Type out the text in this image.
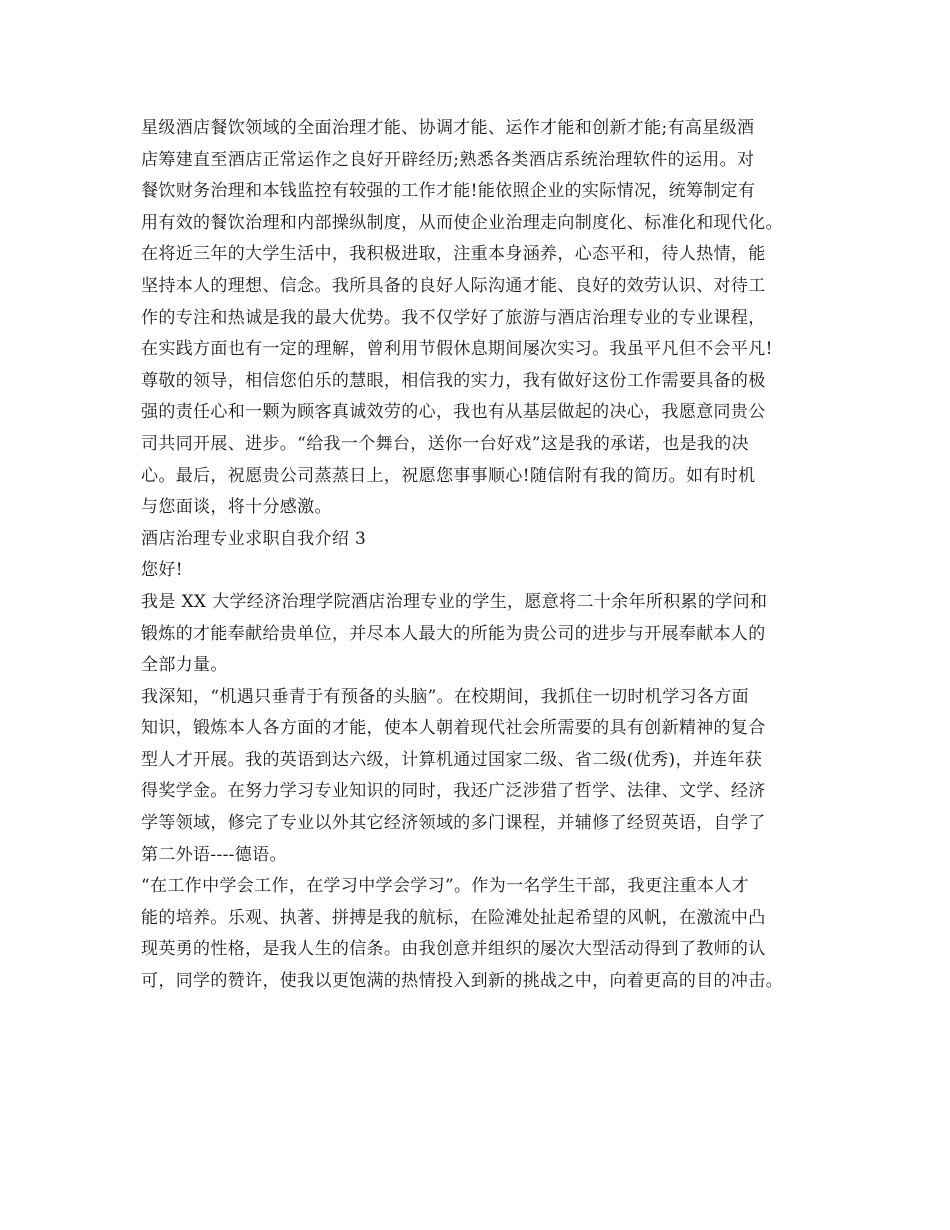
星级酒店餐饮领域的全面治理才能、协调才能、运作才能和创新才能;有高星级酒
店筹建直至酒店正常运作之良好开辟经历;熟悉各类酒店系统治理软件的运用。对
餐饮财务治理和本钱监控有较强的工作才能!能依照企业的实际情况，统筹制定有
用有效的餐饮治理和内部操纵制度，从而使企业治理走向制度化、标准化和现代化。
在将近三年的大学生活中，我积极进取，注重本身涵养，心态平和，待人热情，能
坚持本人的理想、信念。我所具备的良好人际沟通才能、良好的效劳认识、对待工
作的专注和热诚是我的最大优势。我不仅学好了旅游与酒店治理专业的专业课程，
在实践方面也有一定的理解，曾利用节假休息期间屡次实习。我虽平凡但不会平凡!
尊敬的领导，相信您伯乐的慧眼，相信我的实力，我有做好这份工作需要具备的极
强的责任心和一颗为顾客真诚效劳的心，我也有从基层做起的决心，我愿意同贵公
司共同开展、进步。“给我一个舞台，送你一台好戏”这是我的承诺，也是我的决
心。最后，祝愿贵公司蒸蒸日上，祝愿您事事顺心!随信附有我的简历。如有时机
与您面谈，将十分感激。
酒店治理专业求职自我介绍 3
您好!
我是 XX 大学经济治理学院酒店治理专业的学生，愿意将二十余年所积累的学问和
锻炼的才能奉献给贵单位，并尽本人最大的所能为贵公司的进步与开展奉献本人的
全部力量。
我深知，“机遇只垂青于有预备的头脑”。在校期间，我抓住一切时机学习各方面
知识，锻炼本人各方面的才能，使本人朝着现代社会所需要的具有创新精神的复合
型人才开展。我的英语到达六级，计算机通过国家二级、省二级(优秀)，并连年获
得奖学金。在努力学习专业知识的同时，我还广泛涉猎了哲学、法律、文学、经济
学等领域，修完了专业以外其它经济领域的多门课程，并辅修了经贸英语，自学了
第二外语----德语。
“在工作中学会工作，在学习中学会学习”。作为一名学生干部，我更注重本人才
能的培养。乐观、执著、拼搏是我的航标，在险滩处扯起希望的风帆，在激流中凸
现英勇的性格，是我人生的信条。由我创意并组织的屡次大型活动得到了教师的认
可，同学的赞许，使我以更饱满的热情投入到新的挑战之中，向着更高的目的冲击。
